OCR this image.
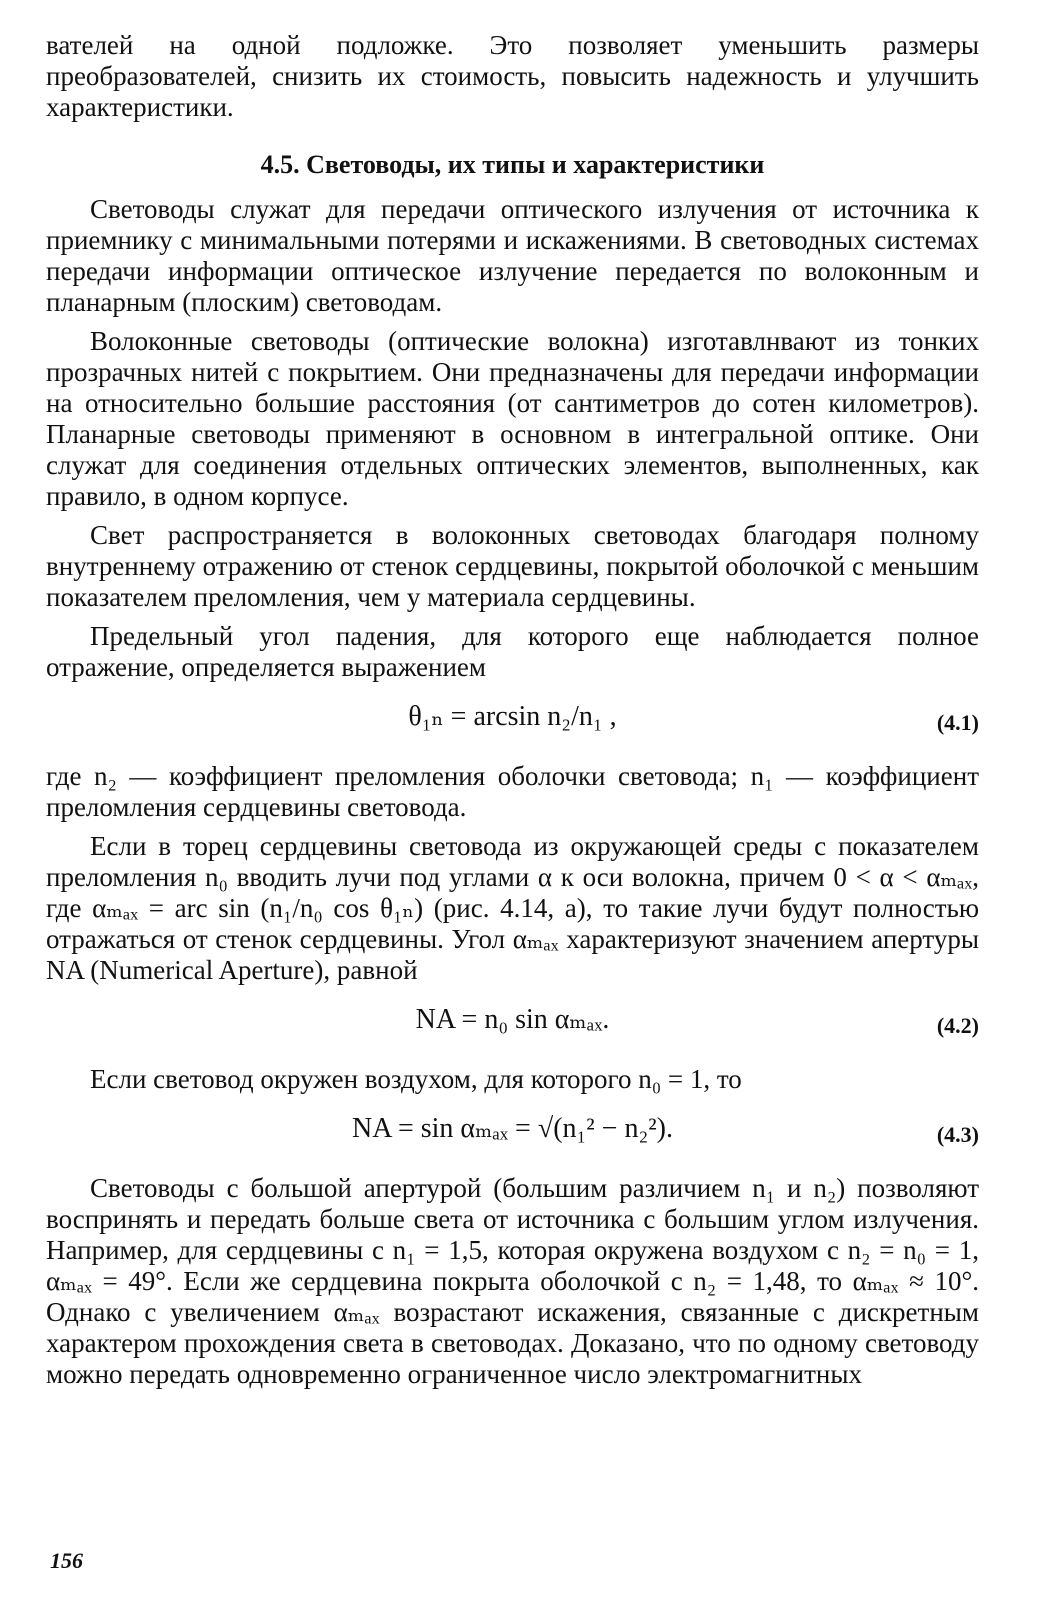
вателей на одной подложке. Это позволяет уменьшить размеры преобразователей, снизить их стоимость, повысить надежность и улучшить характеристики.

4.5. Световоды, их типы и характеристики

Световоды служат для передачи оптического излучения от источника к приемнику с минимальными потерями и искажениями. В световодных системах передачи информации оптическое излучение передается по волоконным и планарным (плоским) световодам.

Волоконные световоды (оптические волокна) изготавлнвают из тонких прозрачных нитей с покрытием. Они предназначены для передачи информации на относительно большие расстояния (от сантиметров до сотен километров). Планарные световоды применяют в основном в интегральной оптике. Они служат для соединения отдельных оптических элементов, выполненных, как правило, в одном корпусе.

Свет распространяется в волоконных световодах благодаря полному внутреннему отражению от стенок сердцевины, покрытой оболочкой с меньшим показателем преломления, чем у материала сердцевины.

Предельный угол падения, для которого еще наблюдается полное отражение, определяется выражением

θ₁ₙ = arcsin n₂/n₁ ,	(4.1)

где n₂ — коэффициент преломления оболочки световода; n₁ — коэффициент преломления сердцевины световода.

Если в торец сердцевины световода из окружающей среды с показателем преломления n₀ вводить лучи под углами α к оси волокна, причем 0 < α < αₘₐₓ, где αₘₐₓ = arc sin (n₁/n₀ cos θ₁ₙ) (рис. 4.14, а), то такие лучи будут полностью отражаться от стенок сердцевины. Угол αₘₐₓ характеризуют значением апертуры NA (Numerical Aperture), равной

NA = n₀ sin αₘₐₓ.	(4.2)

Если световод окружен воздухом, для которого n₀ = 1, то

NA = sin αₘₐₓ = √(n₁² − n₂²).	(4.3)

Световоды с большой апертурой (большим различием n₁ и n₂) позволяют воспринять и передать больше света от источника с большим углом излучения. Например, для сердцевины с n₁ = 1,5, которая окружена воздухом с n₂ = n₀ = 1, αₘₐₓ = 49°. Если же сердцевина покрыта оболочкой с n₂ = 1,48, то αₘₐₓ ≈ 10°. Однако с увеличением αₘₐₓ возрастают искажения, связанные с дискретным характером прохождения света в световодах. Доказано, что по одному световоду можно передать одновременно ограниченное число электромагнитных

156
